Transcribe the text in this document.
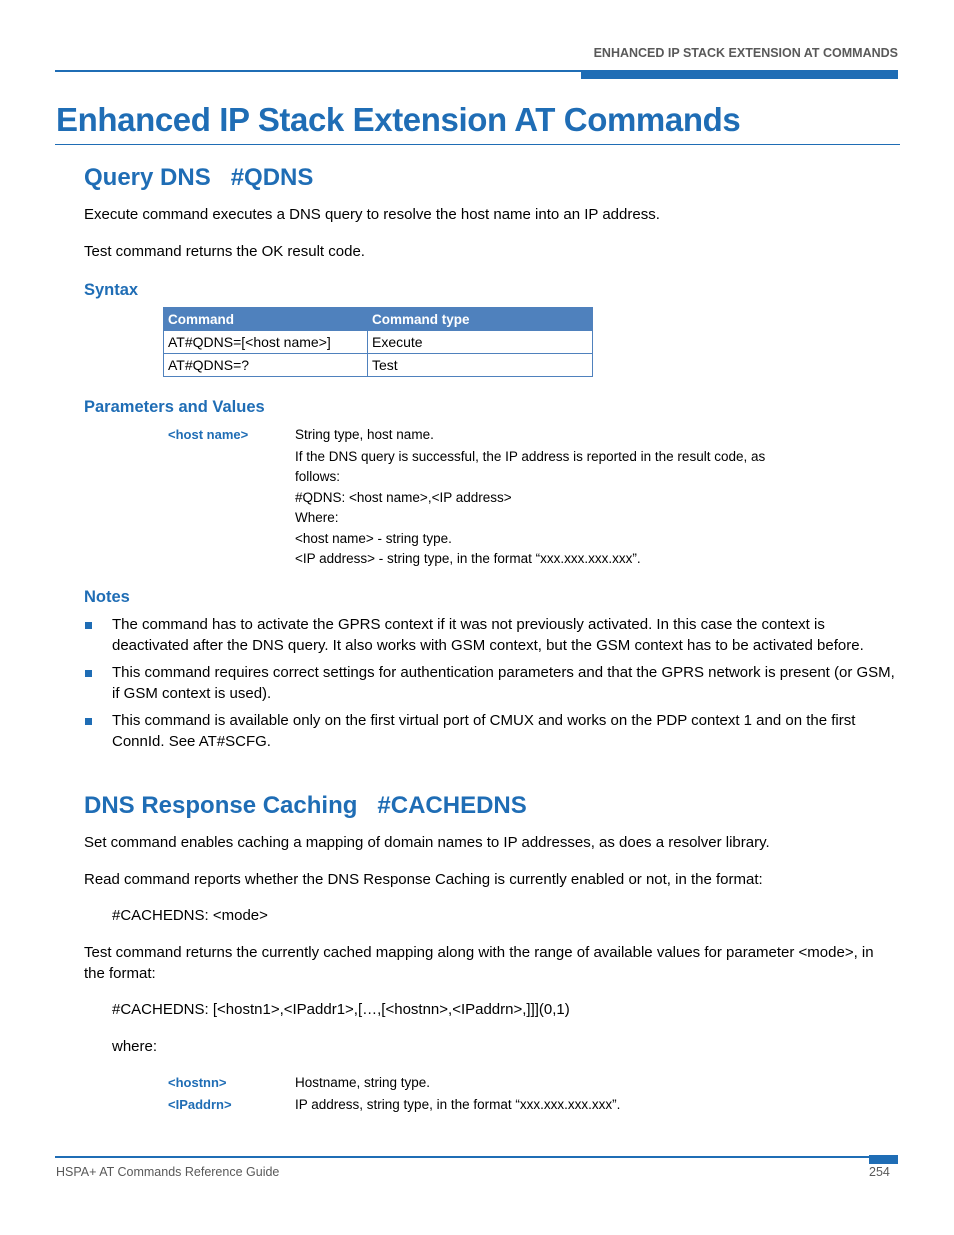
ENHANCED IP STACK EXTENSION AT COMMANDS
Enhanced IP Stack Extension AT Commands
Query DNS   #QDNS

Execute command executes a DNS query to resolve the host name into an IP address.

Test command returns the OK result code.

Syntax
Command	Command type
AT#QDNS=[<host name>]	Execute
AT#QDNS=?	Test
Parameters and Values
<host name>	String type, host name.
If the DNS query is successful, the IP address is reported in the result code, as
follows:
#QDNS: <host name>,<IP address>
Where:
<host name> - string type.
<IP address> - string type, in the format “xxx.xxx.xxx.xxx”.
Notes
The command has to activate the GPRS context if it was not previously activated. In this case the context is deactivated after the DNS query. It also works with GSM context, but the GSM context has to be activated before.
This command requires correct settings for authentication parameters and that the GPRS network is present (or GSM, if GSM context is used).
This command is available only on the first virtual port of CMUX and works on the PDP context 1 and on the first ConnId. See AT#SCFG.
DNS Response Caching   #CACHEDNS

Set command enables caching a mapping of domain names to IP addresses, as does a resolver library.

Read command reports whether the DNS Response Caching is currently enabled or not, in the format:

#CACHEDNS: <mode>

Test command returns the currently cached mapping along with the range of available values for parameter <mode>, in the format:

#CACHEDNS: [<hostn1>,<IPaddr1>,[…,[<hostnn>,<IPaddrn>,]]](0,1)

where:

<hostnn>	Hostname, string type.
<IPaddrn>	IP address, string type, in the format “xxx.xxx.xxx.xxx”.
HSPA+ AT Commands Reference Guide	254
